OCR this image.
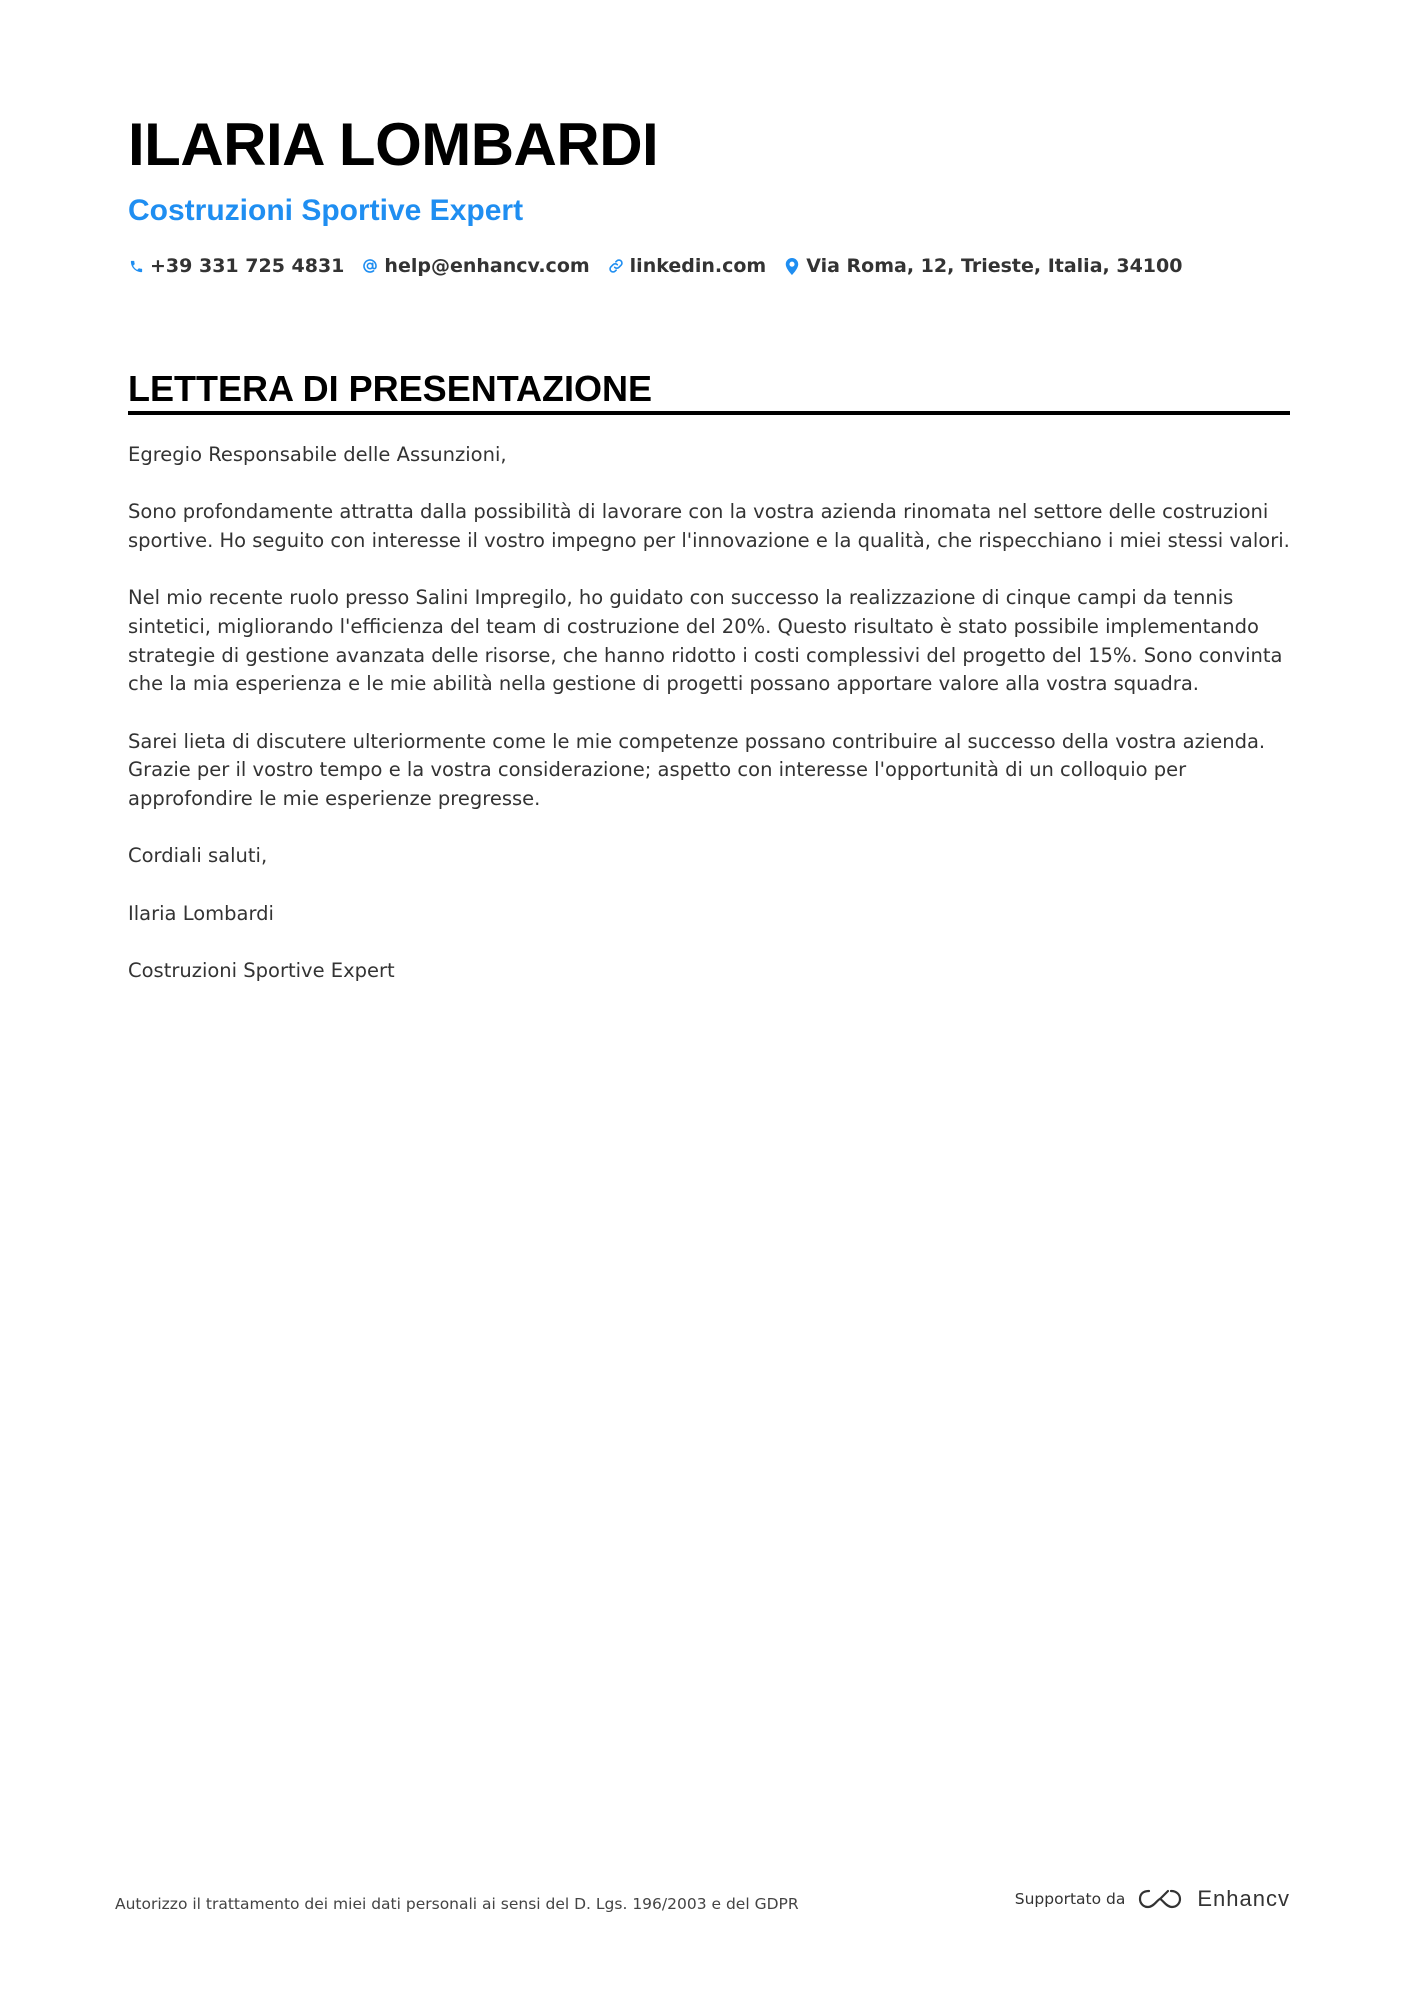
ILARIA LOMBARDI
Costruzioni Sportive Expert
+39 331 725 4831 help@enhancv.com linkedin.com Via Roma, 12, Trieste, Italia, 34100
LETTERA DI PRESENTAZIONE

Egregio Responsabile delle Assunzioni,

Sono profondamente attratta dalla possibilità di lavorare con la vostra azienda rinomata nel settore delle costruzioni sportive. Ho seguito con interesse il vostro impegno per l'innovazione e la qualità, che rispecchiano i miei stessi valori.

Nel mio recente ruolo presso Salini Impregilo, ho guidato con successo la realizzazione di cinque campi da tennis sintetici, migliorando l'efficienza del team di costruzione del 20%. Questo risultato è stato possibile implementando strategie di gestione avanzata delle risorse, che hanno ridotto i costi complessivi del progetto del 15%. Sono convinta che la mia esperienza e le mie abilità nella gestione di progetti possano apportare valore alla vostra squadra.

Sarei lieta di discutere ulteriormente come le mie competenze possano contribuire al successo della vostra azienda. Grazie per il vostro tempo e la vostra considerazione; aspetto con interesse l'opportunità di un colloquio per approfondire le mie esperienze pregresse.

Cordiali saluti,

Ilaria Lombardi

Costruzioni Sportive Expert

Autorizzo il trattamento dei miei dati personali ai sensi del D. Lgs. 196/2003 e del GDPR	Supportato da	Enhancv
